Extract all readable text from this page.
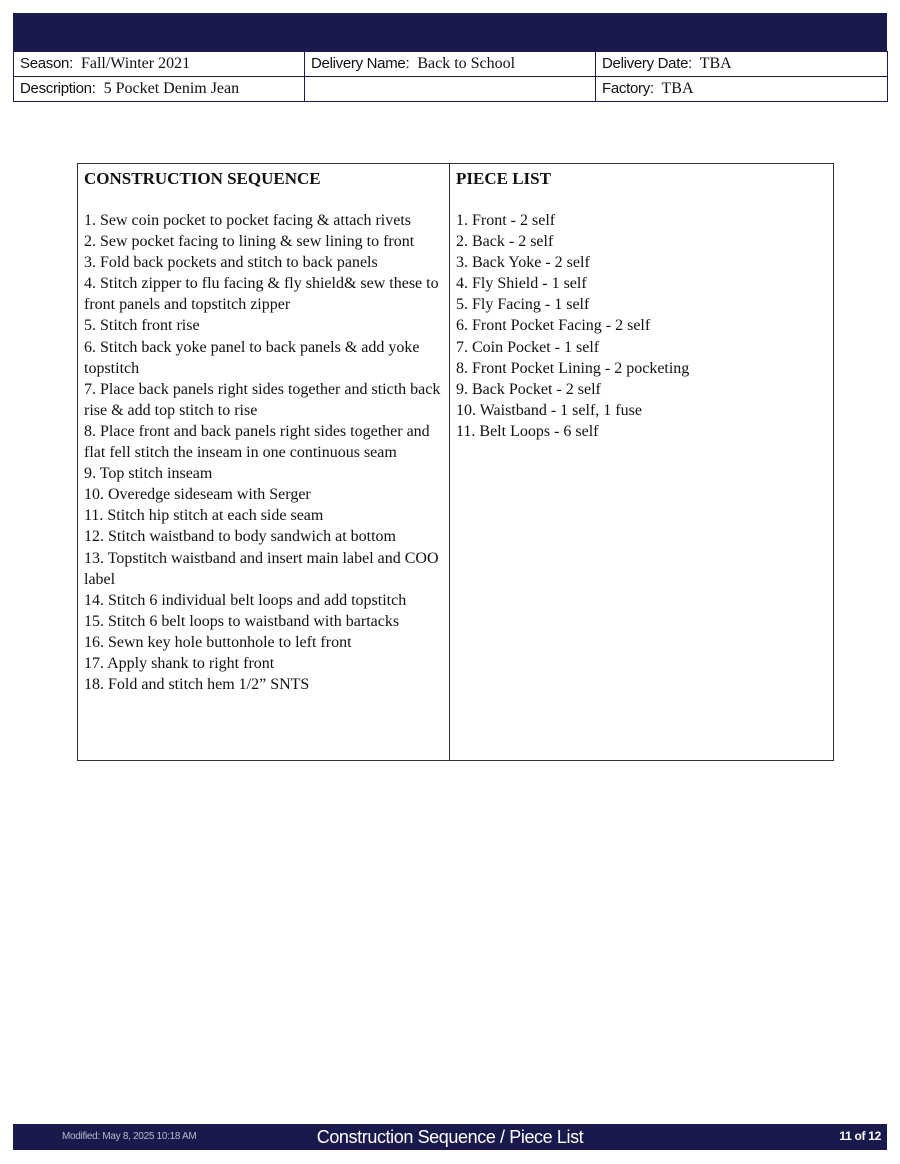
Season: Fall/Winter 2021	Delivery Name: Back to School	Delivery Date: TBA
Description: 5 Pocket Denim Jean		Factory: TBA
CONSTRUCTION SEQUENCE
1. Sew coin pocket to pocket facing & attach rivets
2. Sew pocket facing to lining & sew lining to front
3. Fold back pockets and stitch to back panels
4. Stitch zipper to flu facing & fly shield& sew these to front panels and topstitch zipper
5. Stitch front rise
6. Stitch back yoke panel to back panels & add yoke topstitch
7. Place back panels right sides together and sticth back rise & add top stitch to rise
8. Place front and back panels right sides together and flat fell stitch the inseam in one continuous seam
9. Top stitch inseam
10. Overedge sideseam with Serger
11. Stitch hip stitch at each side seam
12. Stitch waistband to body sandwich at bottom
13. Topstitch waistband and insert main label and COO label
14. Stitch 6 individual belt loops and add topstitch
15. Stitch 6 belt loops to waistband with bartacks
16. Sewn key hole buttonhole to left front
17. Apply shank to right front
18. Fold and stitch hem 1/2” SNTS

PIECE LIST
1. Front - 2 self
2. Back - 2 self
3. Back Yoke - 2 self
4. Fly Shield - 1 self
5. Fly Facing - 1 self
6. Front Pocket Facing - 2 self
7. Coin Pocket - 1 self
8. Front Pocket Lining - 2 pocketing
9. Back Pocket - 2 self
10. Waistband - 1 self, 1 fuse
11. Belt Loops - 6 self
Modified: May 8, 2025 10:18 AM	Construction Sequence / Piece List	11 of 12
